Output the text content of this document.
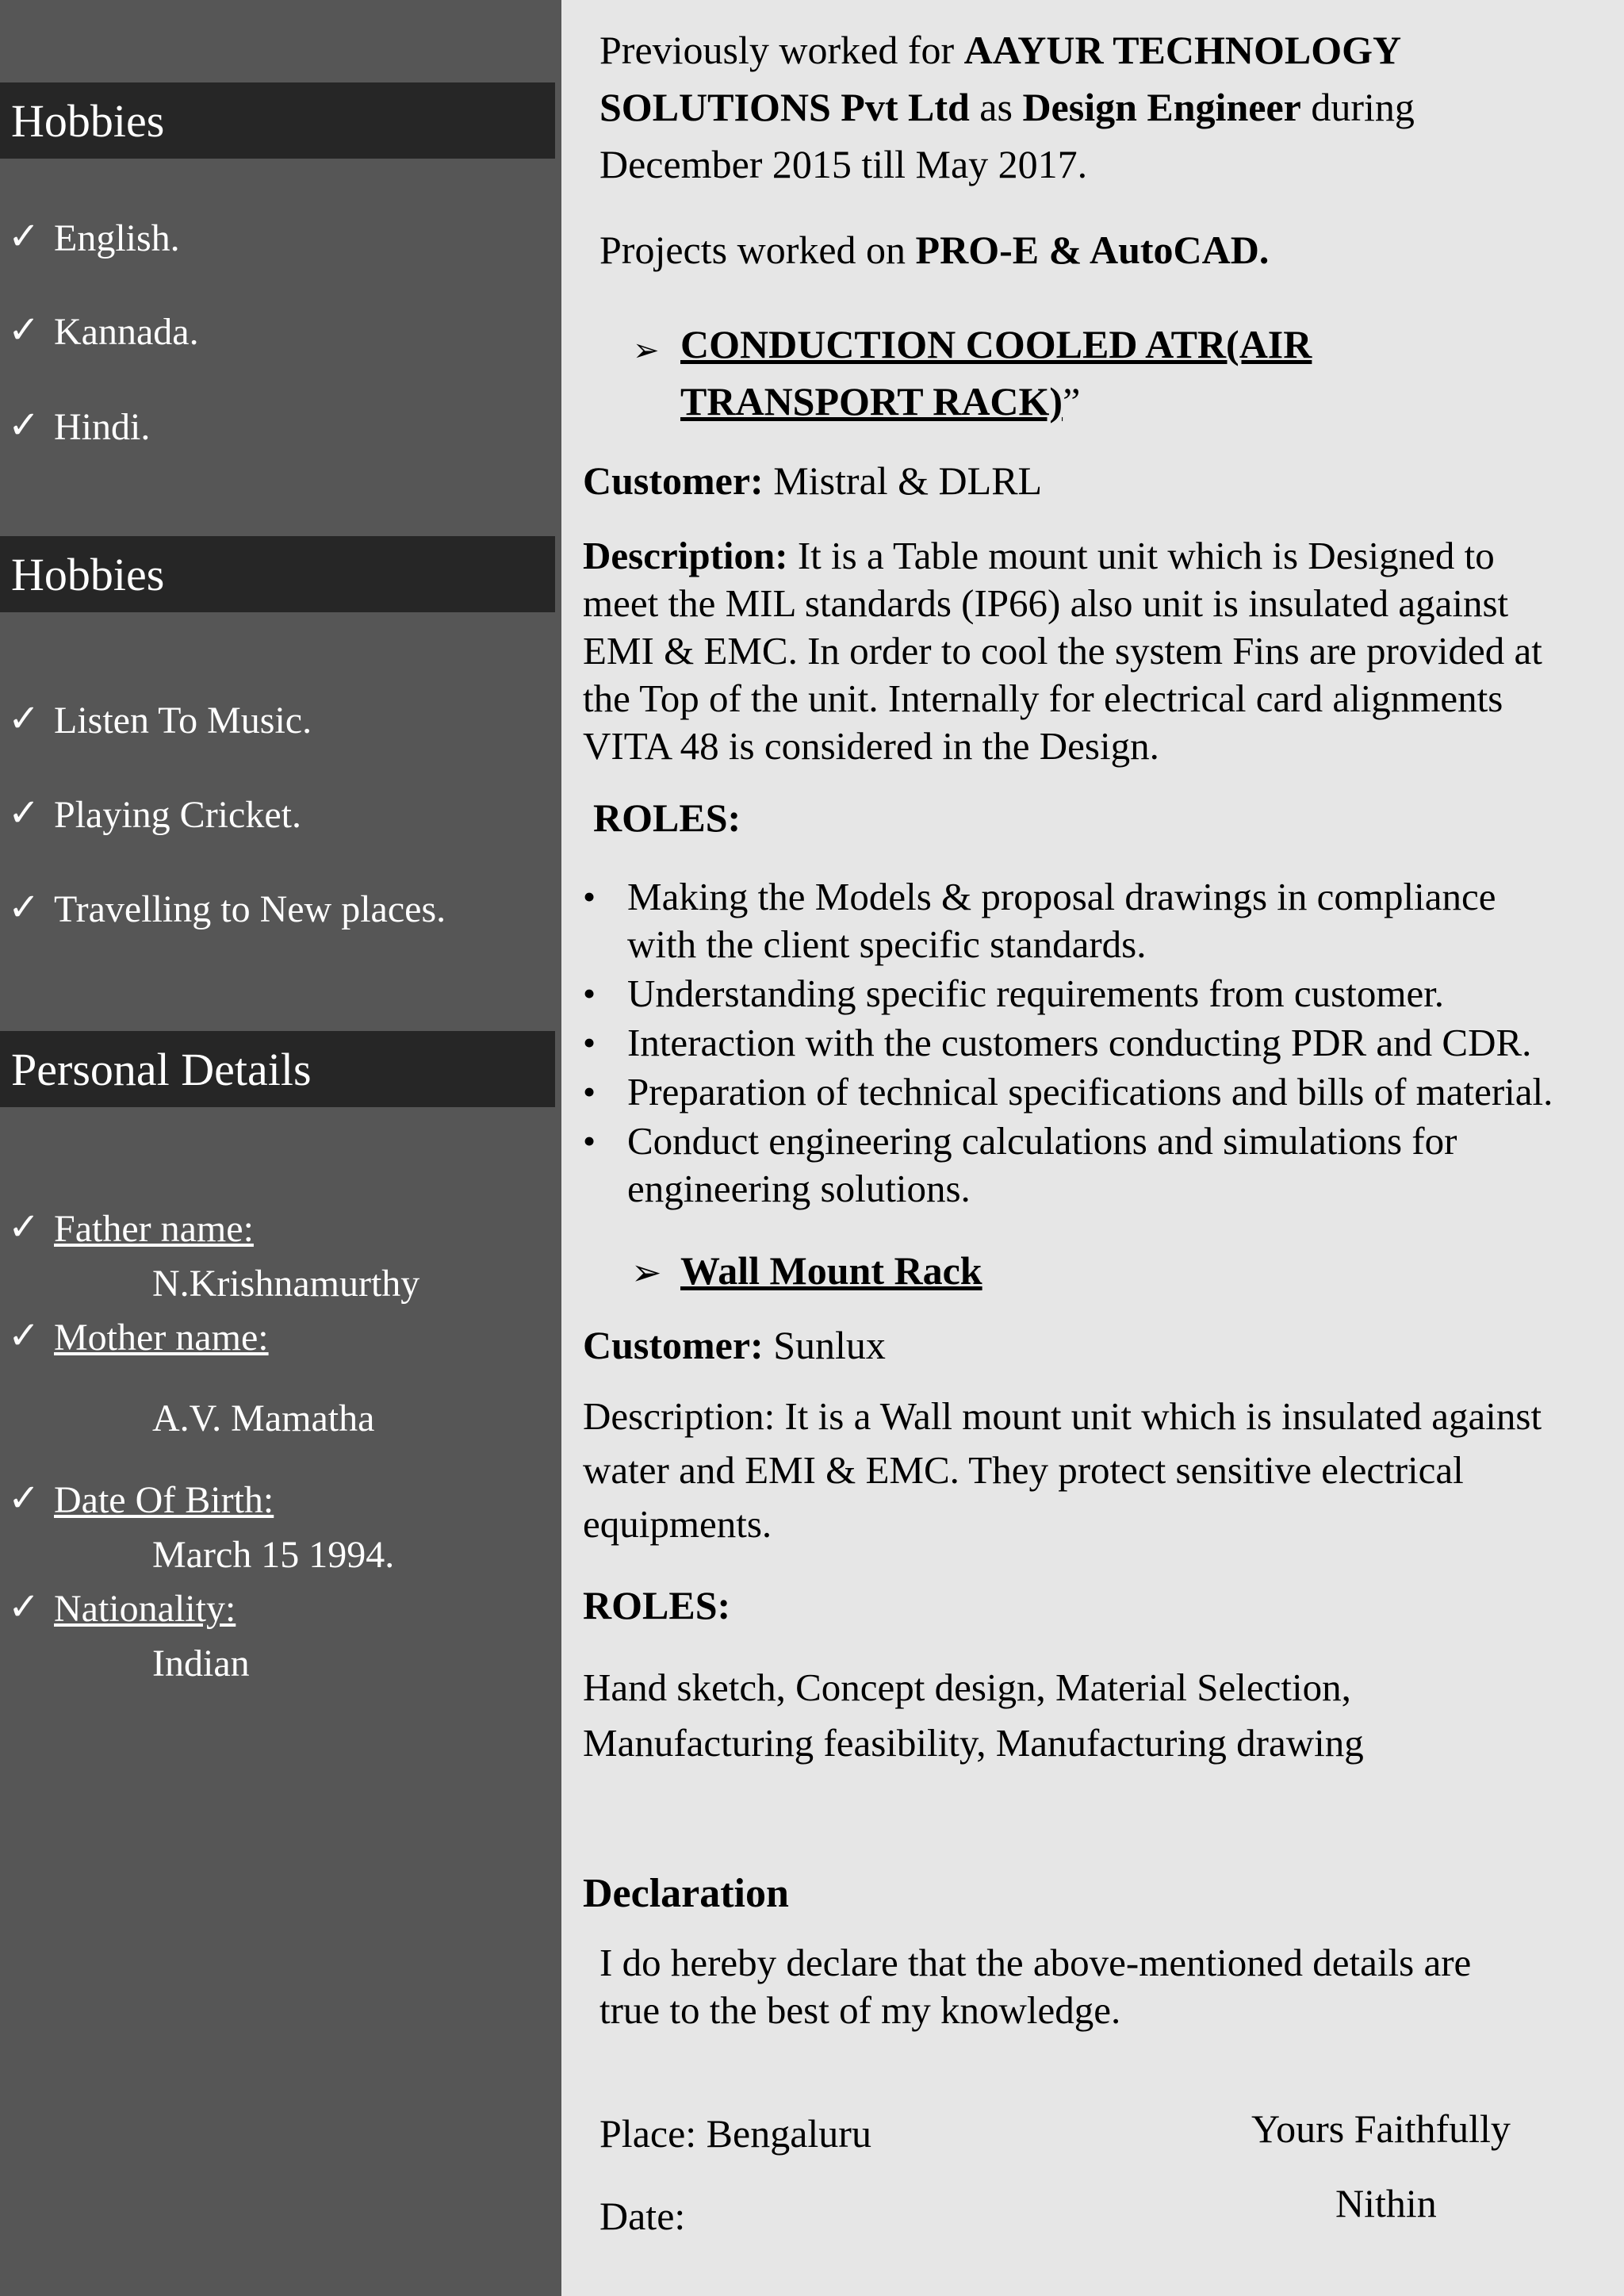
Hobbies
✓ English.
✓ Kannada.
✓ Hindi.
Hobbies
✓ Listen To Music.
✓ Playing Cricket.
✓ Travelling to New places.
Personal Details
✓ Father name:
N.Krishnamurthy
✓ Mother name:
A.V. Mamatha
✓ Date Of Birth:
March 15 1994.
✓ Nationality:
Indian
Previously worked for AAYUR TECHNOLOGY
SOLUTIONS Pvt Ltd as Design Engineer during
December 2015 till May 2017.
Projects worked on PRO-E & AutoCAD.
➢ CONDUCTION COOLED ATR(AIR
TRANSPORT RACK)”
Customer: Mistral & DLRL
Description: It is a Table mount unit which is Designed to
meet the MIL standards (IP66) also unit is insulated against
EMI & EMC. In order to cool the system Fins are provided at
the Top of the unit. Internally for electrical card alignments
VITA 48 is considered in the Design.
ROLES:
• Making the Models & proposal drawings in compliance
with the client specific standards.
• Understanding specific requirements from customer.
• Interaction with the customers conducting PDR and CDR.
• Preparation of technical specifications and bills of material.
• Conduct engineering calculations and simulations for
engineering solutions.
➢ Wall Mount Rack
Customer: Sunlux
Description: It is a Wall mount unit which is insulated against
water and EMI & EMC. They protect sensitive electrical
equipments.
ROLES:
Hand sketch, Concept design, Material Selection,
Manufacturing feasibility, Manufacturing drawing
Declaration
I do hereby declare that the above-mentioned details are
true to the best of my knowledge.
Place: Bengaluru
Date:
Yours Faithfully
Nithin
